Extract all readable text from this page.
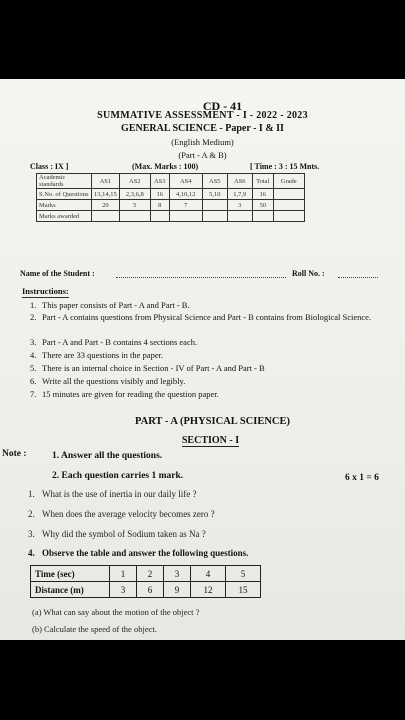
CD - 41
SUMMATIVE ASSESSMENT - I - 2022 - 2023
GENERAL SCIENCE - Paper - I & II
(English Medium)
(Part - A & B)
Class : IX ]	(Max. Marks : 100)	[ Time : 3 : 15 Mnts.
Academic standards	AS1	AS2	AS3	AS4	AS5	AS6	Total	Grade
S.No. of Questions	13,14,15	2,3,6,8	16	4,10,12	5,10	1,7,9	16	
Marks	20	5	8	7		3	50	
Marks awarded								
Name of the Student :	Roll No. :
Instructions:
1. This paper consists of Part - A and Part - B.
2. Part - A contains questions from Physical Science and Part - B contains from Biological Science.
3. Part - A and Part - B contains 4 sections each.
4. There are 33 questions in the paper.
5. There is an internal choice in Section - IV of Part - A and Part - B
6. Write all the questions visibly and legibly.
7. 15 minutes are given for reading the question paper.
PART - A (PHYSICAL SCIENCE)
SECTION - I
Note :	1. Answer all the questions.
2. Each question carries 1 mark.	6 x 1 = 6
1. What is the use of inertia in our daily life ?
2. When does the average velocity becomes zero ?
3. Why did the symbol of Sodium taken as Na ?
4. Observe the table and answer the following questions.
Time (sec)	1	2	3	4	5
Distance (m)	3	6	9	12	15
(a) What can say about the motion of the object ?
(b) Calculate the speed of the object.
